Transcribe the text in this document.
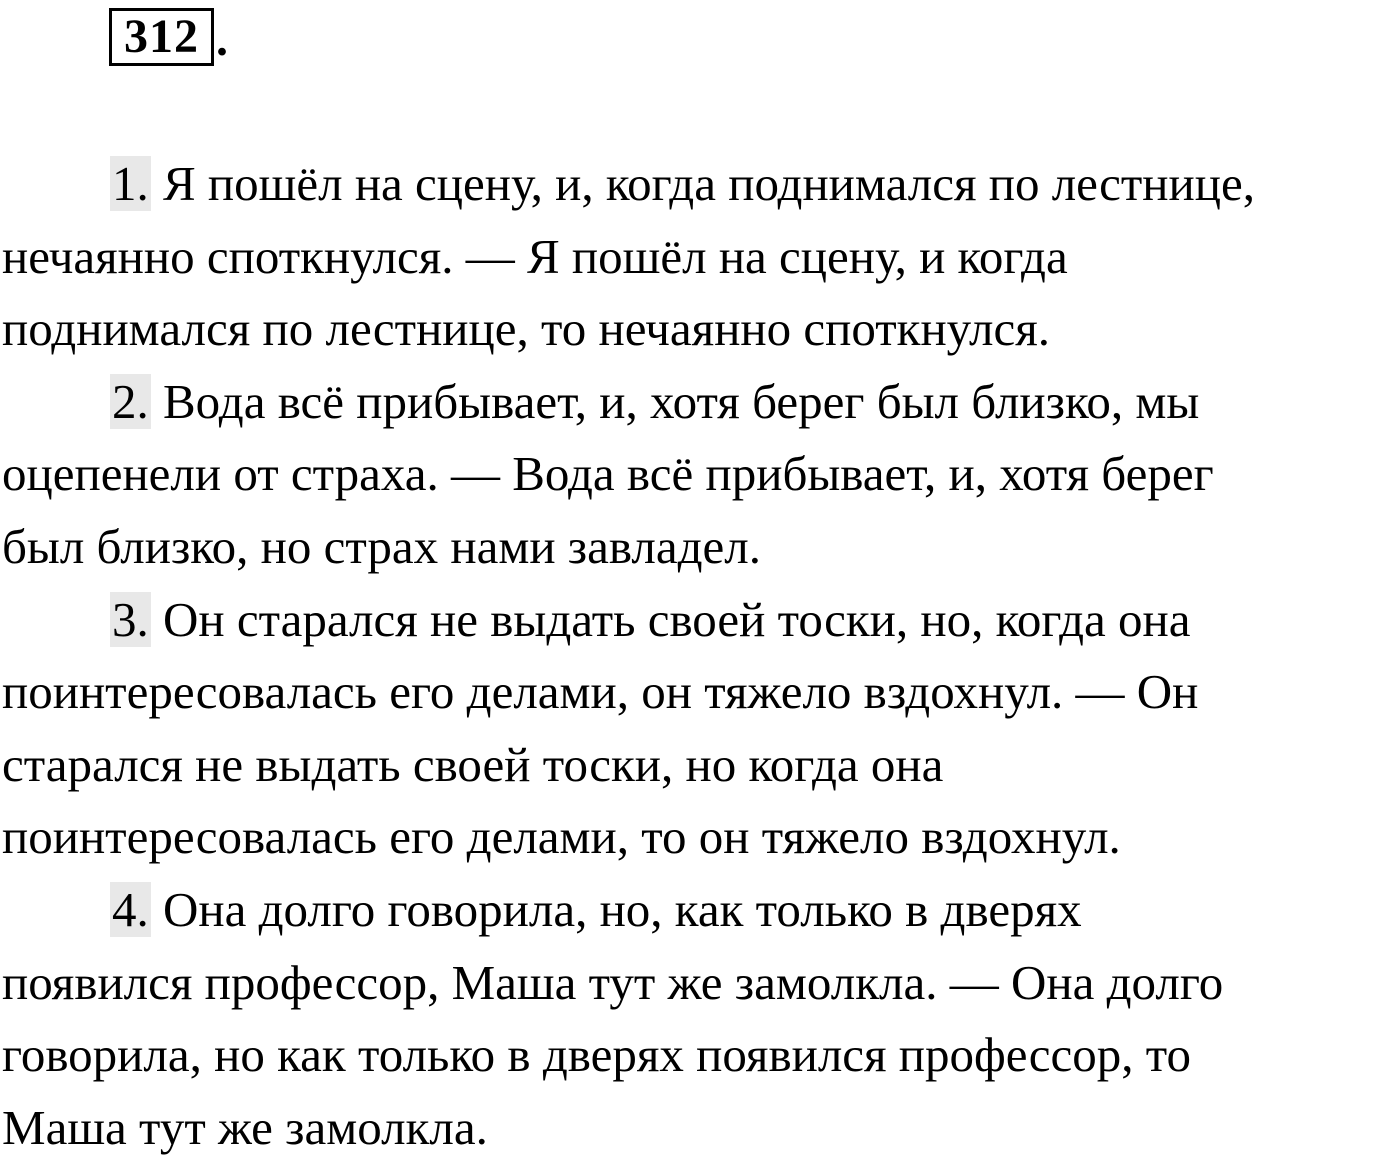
312 .
1. Я пошёл на сцену, и, когда поднимался по лестнице,
нечаянно споткнулся. — Я пошёл на сцену, и когда
поднимался по лестнице, то нечаянно споткнулся.
2. Вода всё прибывает, и, хотя берег был близко, мы
оцепенели от страха. — Вода всё прибывает, и, хотя берег
был близко, но страх нами завладел.
3. Он старался не выдать своей тоски, но, когда она
поинтересовалась его делами, он тяжело вздохнул. — Он
старался не выдать своей тоски, но когда она
поинтересовалась его делами, то он тяжело вздохнул.
4. Она долго говорила, но, как только в дверях
появился профессор, Маша тут же замолкла. — Она долго
говорила, но как только в дверях появился профессор, то
Маша тут же замолкла.
